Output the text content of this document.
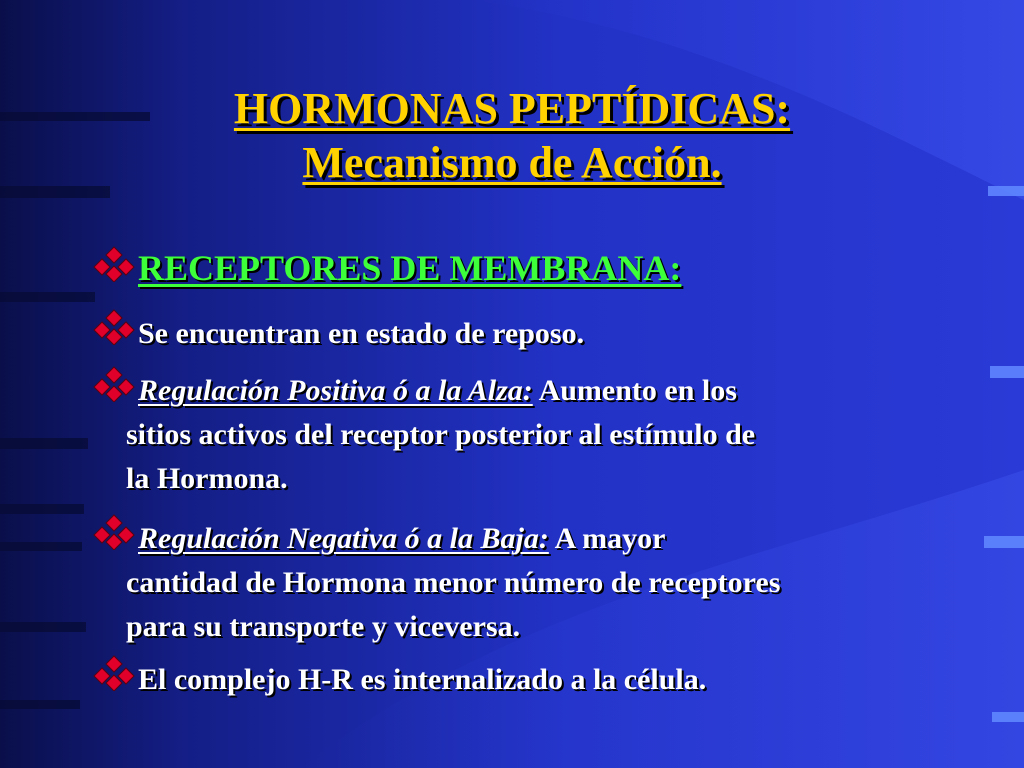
HORMONAS PEPTÍDICAS:
Mecanismo de Acción.
RECEPTORES DE MEMBRANA:
Se encuentran en estado de reposo.
Regulación Positiva ó a la Alza: Aumento en los
sitios activos del receptor posterior al estímulo de
la Hormona.
Regulación Negativa ó a la Baja: A mayor
cantidad de Hormona menor número de receptores
para su transporte y viceversa.
El complejo H-R es internalizado a la célula.
